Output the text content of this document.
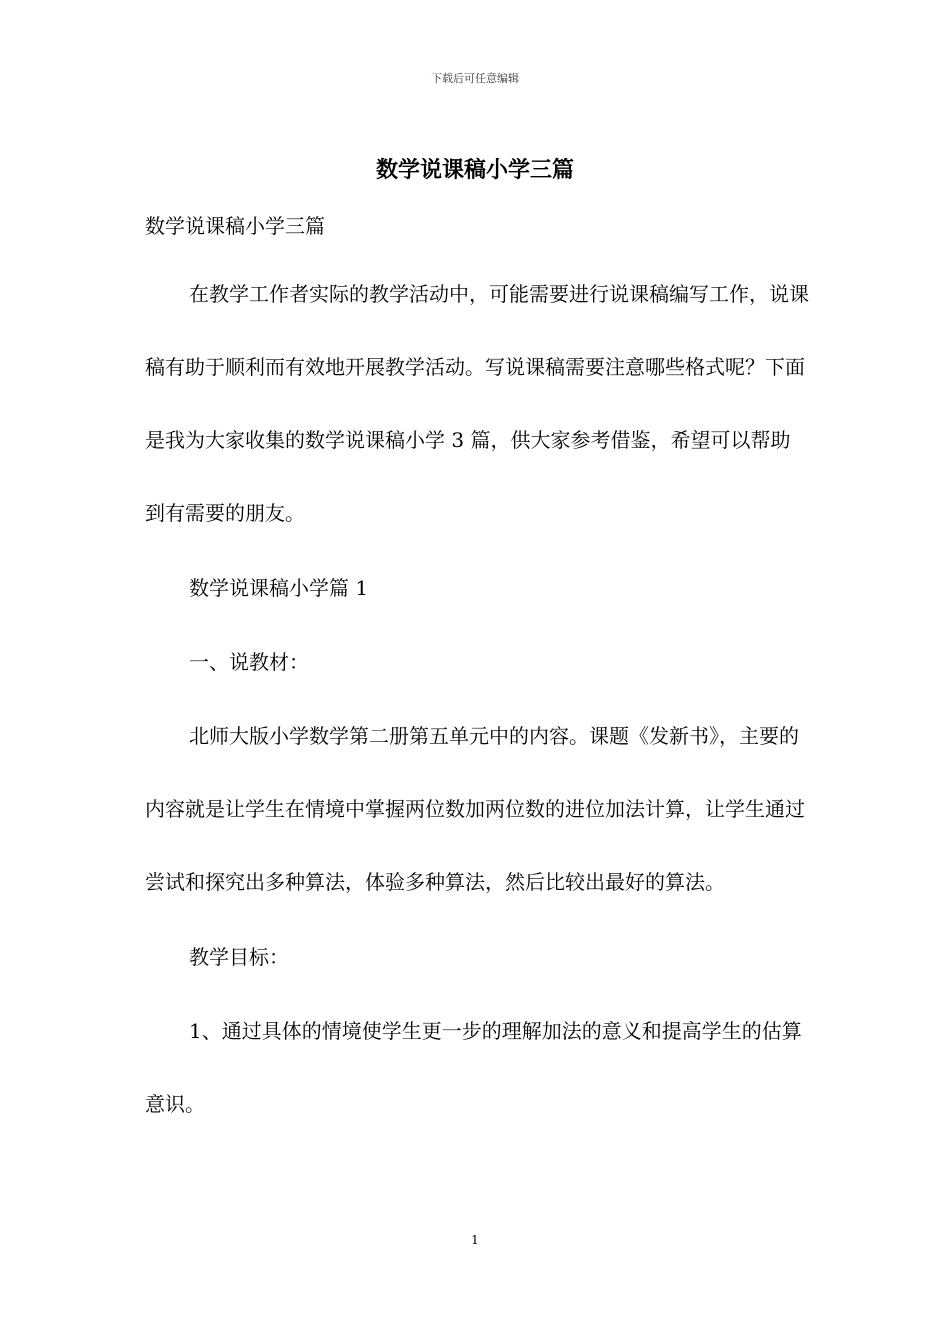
下载后可任意编辑
数学说课稿小学三篇
数学说课稿小学三篇
在教学工作者实际的教学活动中，可能需要进行说课稿编写工作，说课稿有助于顺利而有效地开展教学活动。写说课稿需要注意哪些格式呢？下面是我为大家收集的数学说课稿小学 3 篇，供大家参考借鉴，希望可以帮助到有需要的朋友。
数学说课稿小学篇 1
一、说教材：
北师大版小学数学第二册第五单元中的内容。课题《发新书》，主要的内容就是让学生在情境中掌握两位数加两位数的进位加法计算，让学生通过尝试和探究出多种算法，体验多种算法，然后比较出最好的算法。
教学目标：
1、通过具体的情境使学生更一步的理解加法的意义和提高学生的估算意识。
1
